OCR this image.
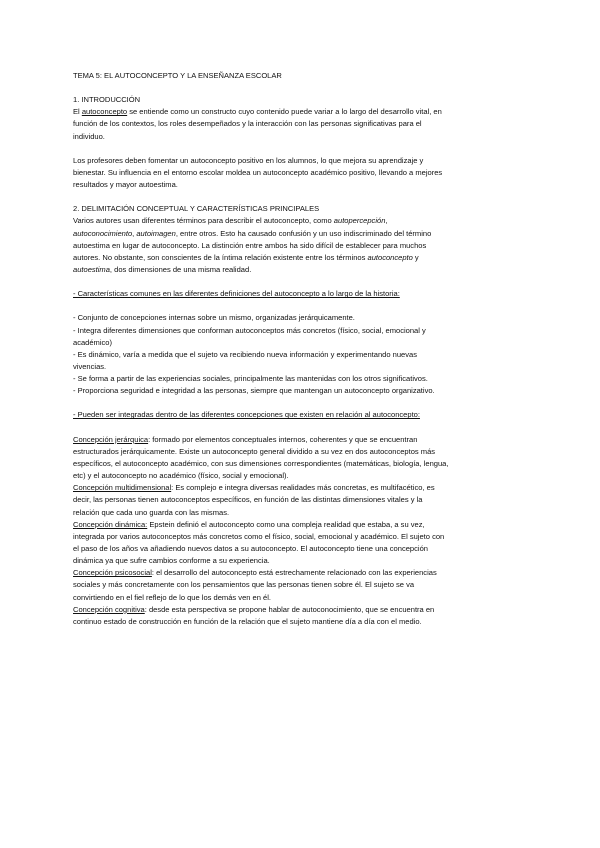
TEMA 5: EL AUTOCONCEPTO Y LA ENSEÑANZA ESCOLAR
1. INTRODUCCIÓN
El autoconcepto se entiende como un constructo cuyo contenido puede variar a lo largo del desarrollo vital, en
función de los contextos, los roles desempeñados y la interacción con las personas significativas para el
individuo.
Los profesores deben fomentar un autoconcepto positivo en los alumnos, lo que mejora su aprendizaje y
bienestar. Su influencia en el entorno escolar moldea un autoconcepto académico positivo, llevando a mejores
resultados y mayor autoestima.
2. DELIMITACIÓN CONCEPTUAL Y CARACTERÍSTICAS PRINCIPALES
Varios autores usan diferentes términos para describir el autoconcepto, como autopercepción,
autoconocimiento, autoimagen, entre otros. Esto ha causado confusión y un uso indiscriminado del término
autoestima en lugar de autoconcepto. La distinción entre ambos ha sido difícil de establecer para muchos
autores. No obstante, son conscientes de la íntima relación existente entre los términos autoconcepto y
autoestima, dos dimensiones de una misma realidad.
- Características comunes en las diferentes definiciones del autoconcepto a lo largo de la historia:
- Conjunto de concepciones internas sobre un mismo, organizadas jerárquicamente.
- Integra diferentes dimensiones que conforman autoconceptos más concretos (físico, social, emocional y
académico)
- Es dinámico, varía a medida que el sujeto va recibiendo nueva información y experimentando nuevas
vivencias.
- Se forma a partir de las experiencias sociales, principalmente las mantenidas con los otros significativos.
- Proporciona seguridad e integridad a las personas, siempre que mantengan un autoconcepto organizativo.
- Pueden ser integradas dentro de las diferentes concepciones que existen en relación al autoconcepto:
Concepción jerárquica: formado por elementos conceptuales internos, coherentes y que se encuentran
estructurados jerárquicamente. Existe un autoconcepto general dividido a su vez en dos autoconceptos más
específicos, el autoconcepto académico, con sus dimensiones correspondientes (matemáticas, biología, lengua,
etc) y el autoconcepto no académico (físico, social y emocional).
Concepción multidimensional: Es complejo e integra diversas realidades más concretas, es multifacético, es
decir, las personas tienen autoconceptos específicos, en función de las distintas dimensiones vitales y la
relación que cada uno guarda con las mismas.
Concepción dinámica: Epstein definió el autoconcepto como una compleja realidad que estaba, a su vez,
integrada por varios autoconceptos más concretos como el físico, social, emocional y académico. El sujeto con
el paso de los años va añadiendo nuevos datos a su autoconcepto. El autoconcepto tiene una concepción
dinámica ya que sufre cambios conforme a su experiencia.
Concepción psicosocial: el desarrollo del autoconcepto está estrechamente relacionado con las experiencias
sociales y más concretamente con los pensamientos que las personas tienen sobre él. El sujeto se va
convirtiendo en el fiel reflejo de lo que los demás ven en él.
Concepción cognitiva: desde esta perspectiva se propone hablar de autoconocimiento, que se encuentra en
continuo estado de construcción en función de la relación que el sujeto mantiene día a día con el medio.
